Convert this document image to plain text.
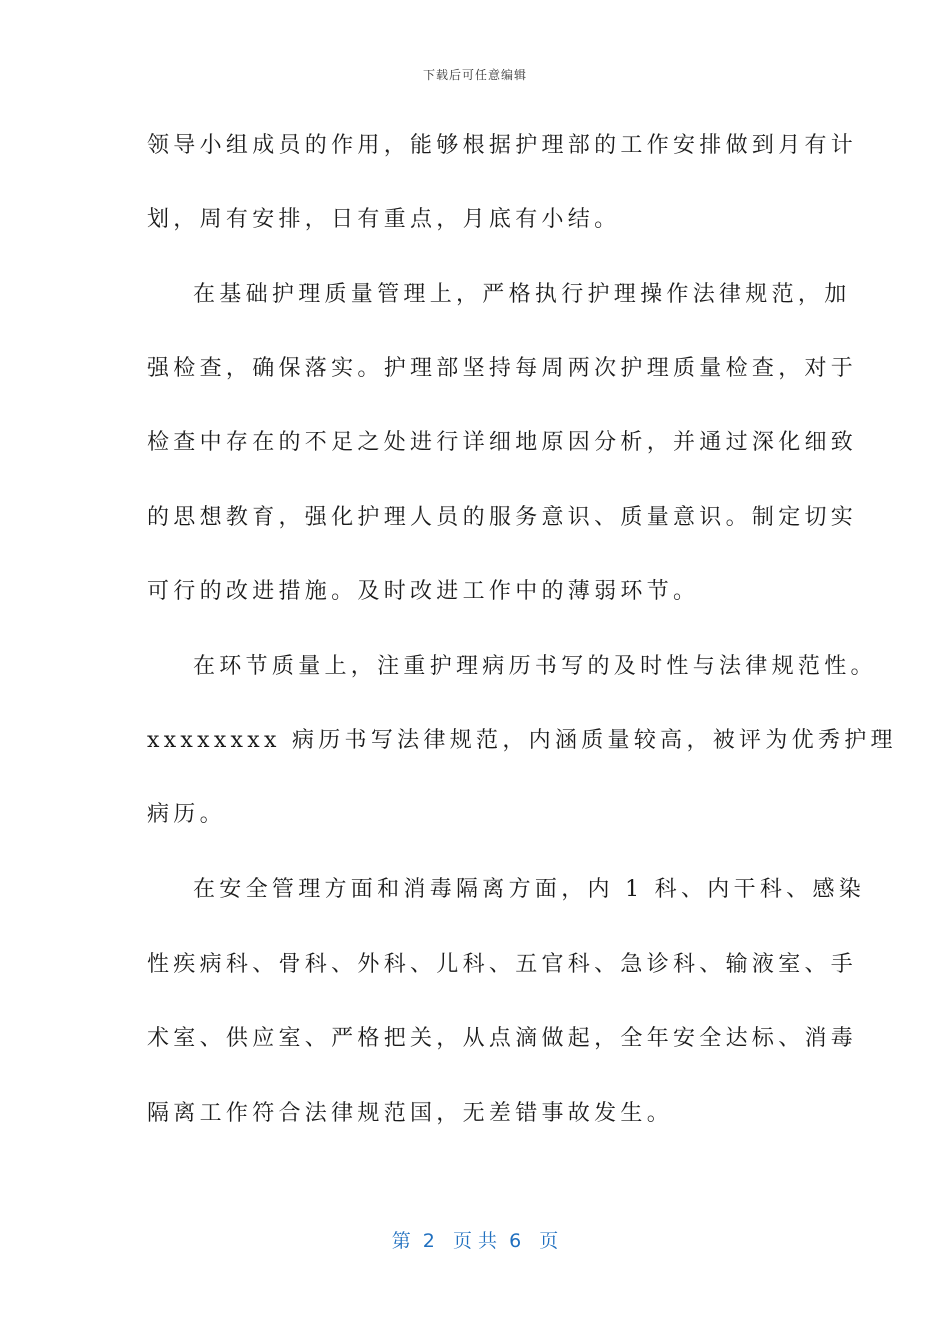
下载后可任意编辑
领导小组成员的作用，能够根据护理部的工作安排做到月有计
划，周有安排，日有重点，月底有小结。
在基础护理质量管理上，严格执行护理操作法律规范，加
强检查，确保落实。护理部坚持每周两次护理质量检查，对于
检查中存在的不足之处进行详细地原因分析，并通过深化细致
的思想教育，强化护理人员的服务意识、质量意识。制定切实
可行的改进措施。及时改进工作中的薄弱环节。
在环节质量上，注重护理病历书写的及时性与法律规范性。
xxxxxxxx 病历书写法律规范，内涵质量较高，被评为优秀护理
病历。
在安全管理方面和消毒隔离方面，内 1 科、内干科、感染
性疾病科、骨科、外科、儿科、五官科、急诊科、输液室、手
术室、供应室、严格把关，从点滴做起，全年安全达标、消毒
隔离工作符合法律规范国，无差错事故发生。
第  2   页 共  6   页
